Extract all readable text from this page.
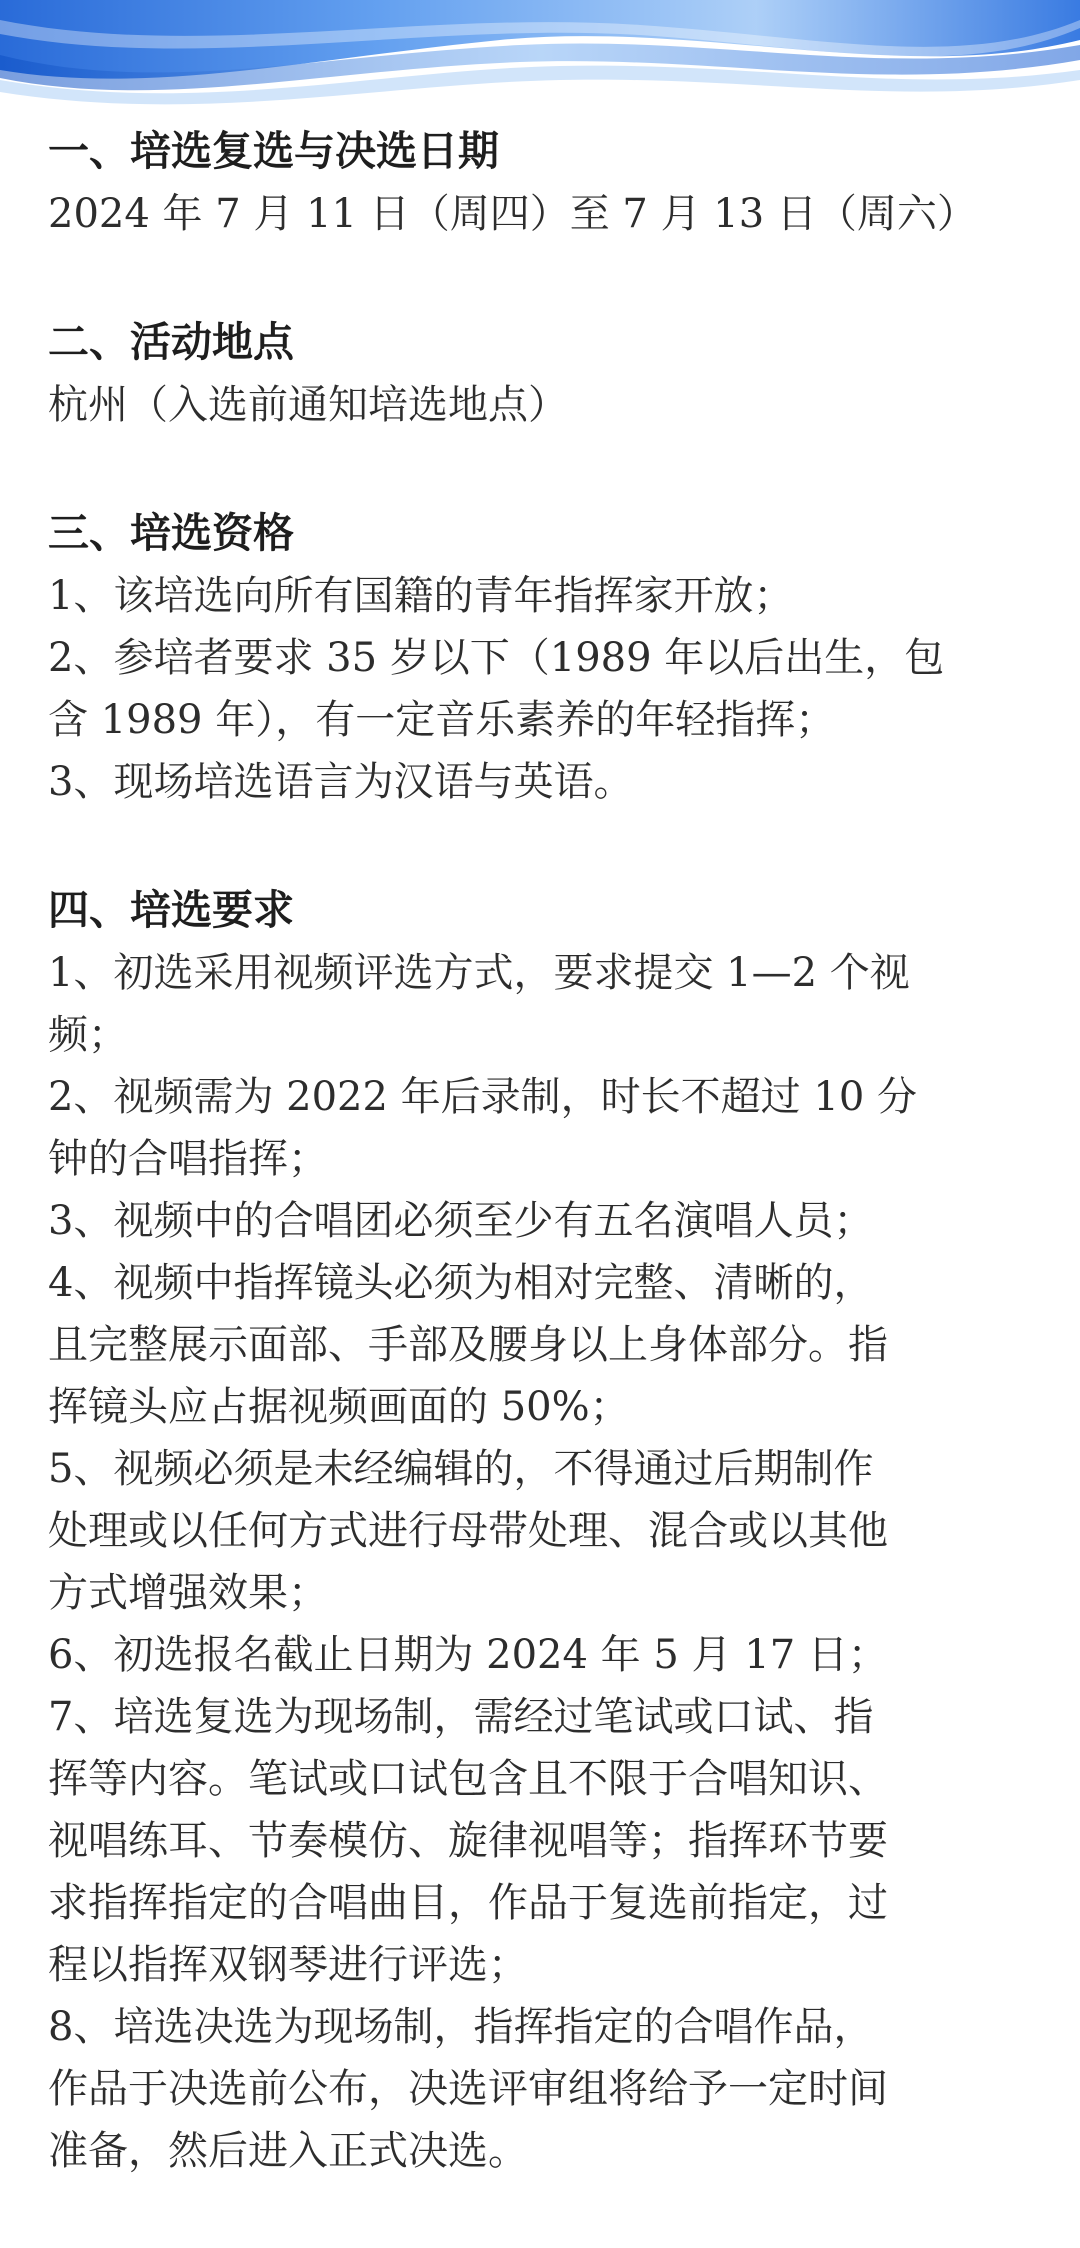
一、培选复选与决选日期

2024 年 7 月 11 日（周四）至 7 月 13 日（周六）

二、活动地点

杭州（入选前通知培选地点）

三、培选资格

1、该培选向所有国籍的青年指挥家开放；

2、参培者要求 35 岁以下（1989 年以后出生，包

含 1989 年），有一定音乐素养的年轻指挥；

3、现场培选语言为汉语与英语。

四、培选要求

1、初选采用视频评选方式，要求提交 1—2 个视

频；

2、视频需为 2022 年后录制，时长不超过 10 分

钟的合唱指挥；

3、视频中的合唱团必须至少有五名演唱人员；

4、视频中指挥镜头必须为相对完整、清晰的，

且完整展示面部、手部及腰身以上身体部分。指

挥镜头应占据视频画面的 50%；

5、视频必须是未经编辑的，不得通过后期制作

处理或以任何方式进行母带处理、混合或以其他

方式增强效果；

6、初选报名截止日期为 2024 年 5 月 17 日；

7、培选复选为现场制，需经过笔试或口试、指

挥等内容。笔试或口试包含且不限于合唱知识、

视唱练耳、节奏模仿、旋律视唱等；指挥环节要

求指挥指定的合唱曲目，作品于复选前指定，过

程以指挥双钢琴进行评选；

8、培选决选为现场制，指挥指定的合唱作品，

作品于决选前公布，决选评审组将给予一定时间

准备，然后进入正式决选。
